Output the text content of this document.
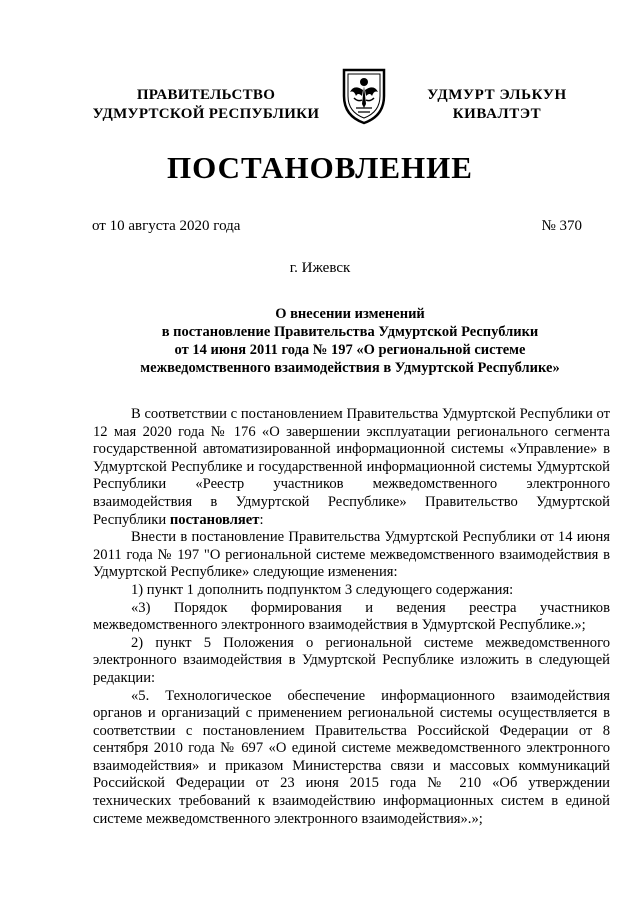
ПРАВИТЕЛЬСТВО
УДМУРТСКОЙ РЕСПУБЛИКИ
УДМУРТ ЭЛЬКУН
КИВАЛТЭТ
ПОСТАНОВЛЕНИЕ
от 10 августа 2020 года	№ 370
г. Ижевск
О внесении изменений
в постановление Правительства Удмуртской Республики
от 14 июня 2011 года № 197 «О региональной системе
межведомственного взаимодействия в Удмуртской Республике»

В соответствии с постановлением Правительства Удмуртской Республики от 12 мая 2020 года № 176 «О завершении эксплуатации регионального сегмента государственной автоматизированной информационной системы «Управление» в Удмуртской Республике и государственной информационной системы Удмуртской Республики «Реестр участников межведомственного электронного взаимодействия в Удмуртской Республике» Правительство Удмуртской Республики постановляет:

Внести в постановление Правительства Удмуртской Республики от 14 июня 2011 года № 197 "О региональной системе межведомственного взаимодействия в Удмуртской Республике» следующие изменения:

1) пункт 1 дополнить подпунктом 3 следующего содержания:

«3) Порядок формирования и ведения реестра участников межведомственного электронного взаимодействия в Удмуртской Республике.»;

2) пункт 5 Положения о региональной системе межведомственного электронного взаимодействия в Удмуртской Республике изложить в следующей редакции:

«5. Технологическое обеспечение информационного взаимодействия органов и организаций с применением региональной системы осуществляется в соответствии с постановлением Правительства Российской Федерации от 8 сентября 2010 года № 697 «О единой системе межведомственного электронного взаимодействия» и приказом Министерства связи и массовых коммуникаций Российской Федерации от 23 июня 2015 года № 210 «Об утверждении технических требований к взаимодействию информационных систем в единой системе межведомственного электронного взаимодействия».»;
